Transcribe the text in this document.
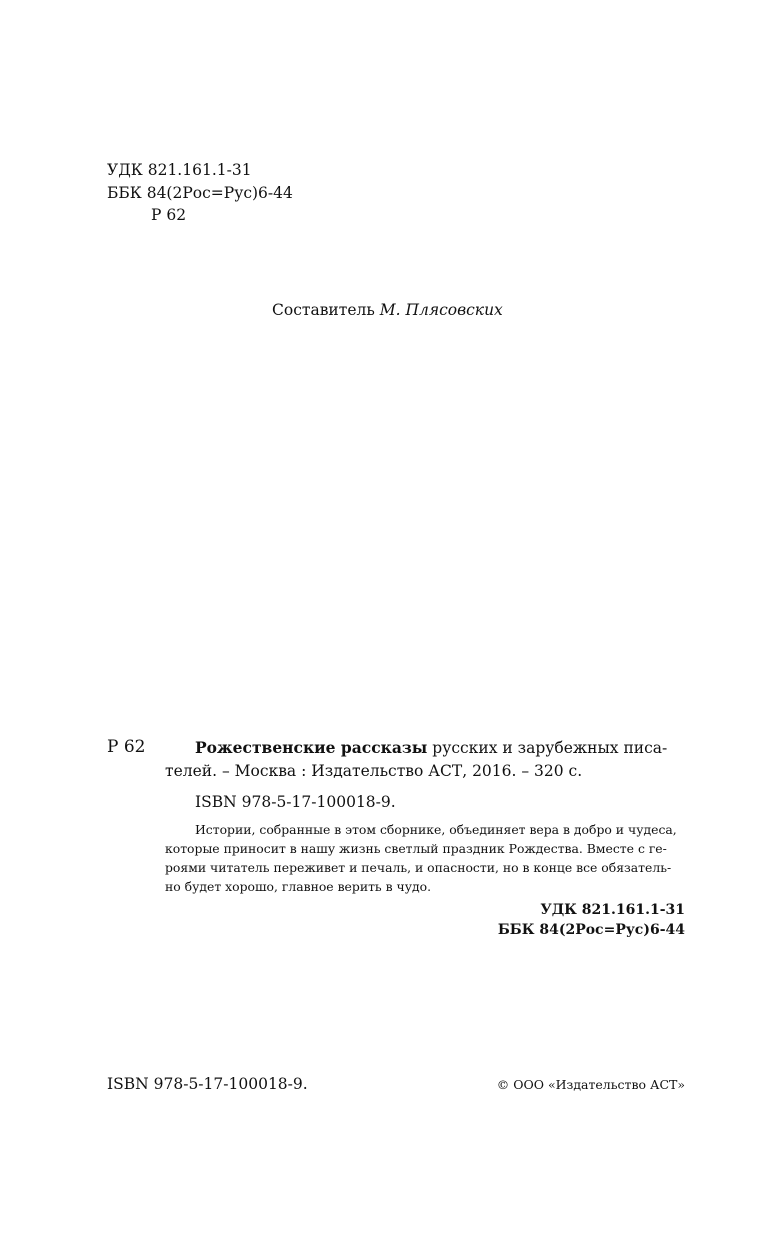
УДК 821.161.1-31
ББК 84(2Рос=Рус)6-44
Р 62
Составитель М. Плясовских
Р 62	Рожественские рассказы русских и зарубежных писа-
телей. – Москва : Издательство АСТ, 2016. – 320 с.

ISBN 978-5-17-100018-9.
Истории, собранные в этом сборнике, объединяет вера в добро и чудеса,
которые приносит в нашу жизнь светлый праздник Рождества. Вместе с ге-
роями читатель переживет и печаль, и опасности, но в конце все обязатель-
но будет хорошо, главное верить в чудо.
УДК 821.161.1-31
ББК 84(2Рос=Рус)6-44
ISBN 978-5-17-100018-9.	© ООО «Издательство АСТ»
